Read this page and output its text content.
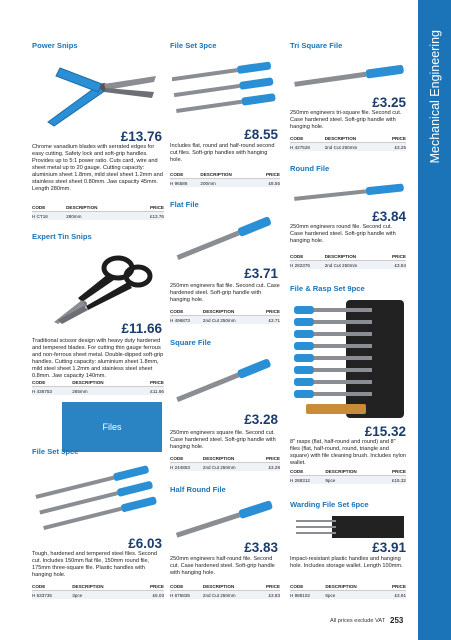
Mechanical Engineering
Power Snips
£13.76
Chrome vanadium blades with serrated edges for easy cutting. Safety lock and soft-grip handles. Provides up to 5:1 power ratio. Cuts card, wire and sheet metal up to 20 gauge. Cutting capacity: aluminium sheet 1.8mm, mild steel sheet 1.2mm and stainless steel sheet 0.80mm. Jaw capacity 45mm. Length 280mm.
CODE	DESCRIPTION	PRICE
H CT16	280mm	£13.76
Expert Tin Snips
£11.66
Traditional scissor design with heavy duty hardened and tempered blades. For cutting thin gauge ferrous and non-ferrous sheet metal. Double-dipped soft-grip handles. Cutting capacity: aluminium sheet 1.8mm, mild steel sheet 1.2mm and stainless steel sheet 0.8mm. Jaw capacity 140mm.
CODE	DESCRIPTION	PRICE
H 436753	265mm	£11.66
Files
File Set 3pce
£6.03
Tough, hardened and tempered steel files. Second cut. Includes 150mm flat file, 150mm round file, 175mm three-square file. Plastic handles with hanging hole.
CODE	DESCRIPTION	PRICE
H 633735	3pce	£6.03
File Set 3pce
£8.55
Includes flat, round and half-round second cut files. Soft-grip handles with hanging hole.
CODE	DESCRIPTION	PRICE
H 96586	200mm	£8.55
Flat File
£3.71
250mm engineers flat file. Second cut. Case hardened steel. Soft-grip handle with hanging hole.
CODE	DESCRIPTION	PRICE
H 496873	2nd Cut 250mm	£3.71
Square File
£3.28
250mm engineers square file. Second cut. Case hardened steel. Soft-grip handle with hanging hole.
CODE	DESCRIPTION	PRICE
H 244853	2nd Cut 250mm	£3.28
Half Round File
£3.83
250mm engineers half-round file. Second cut. Case hardened steel. Soft-grip handle with hanging hole.
CODE	DESCRIPTION	PRICE
H 675835	2nd Cut 250mm	£3.83
Tri Square File
£3.25
250mm engineers tri-square file. Second cut. Case hardened steel. Soft-grip handle with hanging hole.
CODE	DESCRIPTION	PRICE
H 427528	2nd Cut 250mm	£3.25
Round File
£3.84
250mm engineers round file. Second cut. Case hardened steel. Soft-grip handle with hanging hole.
CODE	DESCRIPTION	PRICE
H 282376	2nd Cut 250mm	£3.84
File & Rasp Set 9pce
£15.32
8" rasps (flat, half-round and round) and 8" files (flat, half-round, round, triangle and square) with file cleaning brush. Includes nylon wallet.
CODE	DESCRIPTION	PRICE
H 288312	9pce	£15.32
Warding File Set 6pce
£3.91
Impact-resistant plastic handles and hanging hole. Includes storage wallet. Length 100mm.
CODE	DESCRIPTION	PRICE
H 988102	6pce	£3.91
All prices exclude VAT 253
